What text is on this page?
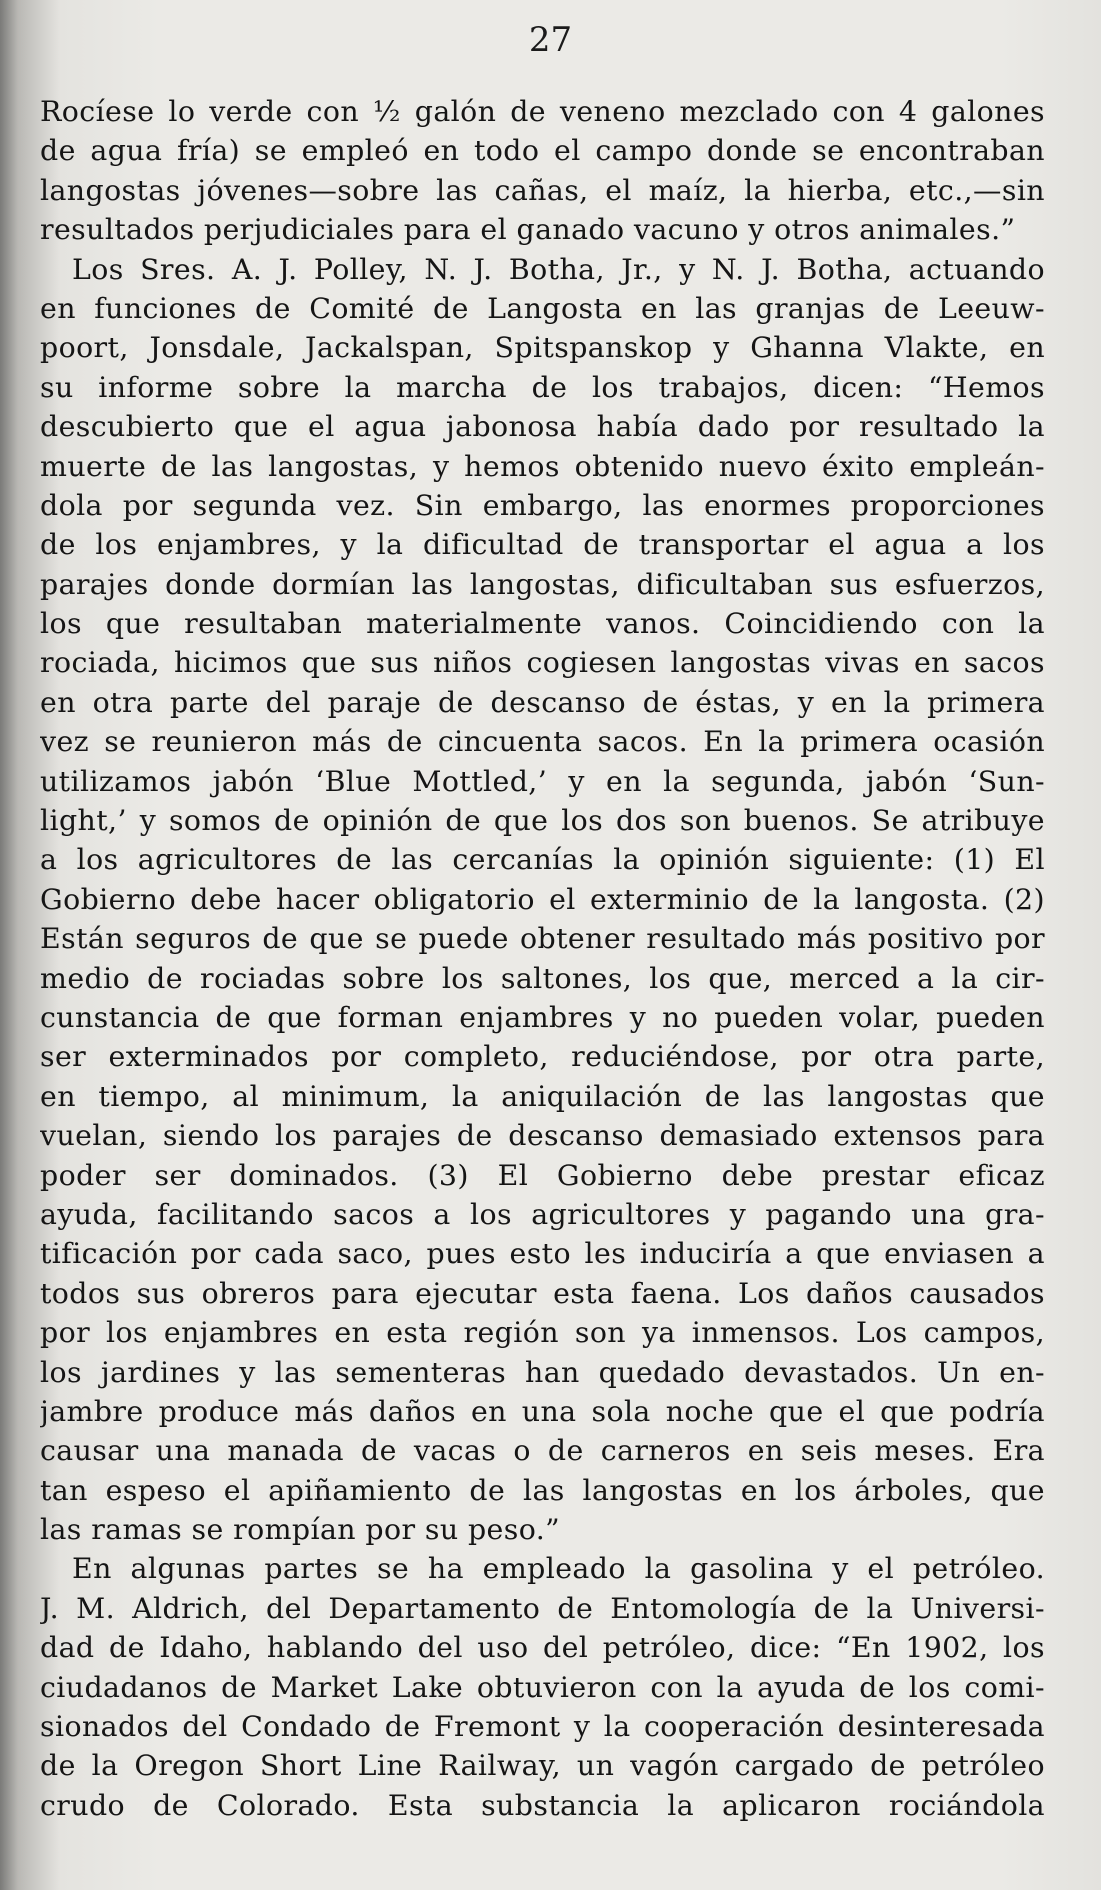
27
Rocíese lo verde con ½ galón de veneno mezclado con 4 galones
de agua fría) se empleó en todo el campo donde se encontraban
langostas jóvenes—sobre las cañas, el maíz, la hierba, etc.,—sin
resultados perjudiciales para el ganado vacuno y otros animales.”
Los Sres. A. J. Polley, N. J. Botha, Jr., y N. J. Botha, actuando
en funciones de Comité de Langosta en las granjas de Leeuw-
poort, Jonsdale, Jackalspan, Spitspanskop y Ghanna Vlakte, en
su informe sobre la marcha de los trabajos, dicen: “Hemos
descubierto que el agua jabonosa había dado por resultado la
muerte de las langostas, y hemos obtenido nuevo éxito empleán-
dola por segunda vez. Sin embargo, las enormes proporciones
de los enjambres, y la dificultad de transportar el agua a los
parajes donde dormían las langostas, dificultaban sus esfuerzos,
los que resultaban materialmente vanos. Coincidiendo con la
rociada, hicimos que sus niños cogiesen langostas vivas en sacos
en otra parte del paraje de descanso de éstas, y en la primera
vez se reunieron más de cincuenta sacos. En la primera ocasión
utilizamos jabón ‘Blue Mottled,’ y en la segunda, jabón ‘Sun-
light,’ y somos de opinión de que los dos son buenos. Se atribuye
a los agricultores de las cercanías la opinión siguiente: (1) El
Gobierno debe hacer obligatorio el exterminio de la langosta. (2)
Están seguros de que se puede obtener resultado más positivo por
medio de rociadas sobre los saltones, los que, merced a la cir-
cunstancia de que forman enjambres y no pueden volar, pueden
ser exterminados por completo, reduciéndose, por otra parte,
en tiempo, al minimum, la aniquilación de las langostas que
vuelan, siendo los parajes de descanso demasiado extensos para
poder ser dominados. (3) El Gobierno debe prestar eficaz
ayuda, facilitando sacos a los agricultores y pagando una gra-
tificación por cada saco, pues esto les induciría a que enviasen a
todos sus obreros para ejecutar esta faena. Los daños causados
por los enjambres en esta región son ya inmensos. Los campos,
los jardines y las sementeras han quedado devastados. Un en-
jambre produce más daños en una sola noche que el que podría
causar una manada de vacas o de carneros en seis meses. Era
tan espeso el apiñamiento de las langostas en los árboles, que
las ramas se rompían por su peso.”
En algunas partes se ha empleado la gasolina y el petróleo.
J. M. Aldrich, del Departamento de Entomología de la Universi-
dad de Idaho, hablando del uso del petróleo, dice: “En 1902, los
ciudadanos de Market Lake obtuvieron con la ayuda de los comi-
sionados del Condado de Fremont y la cooperación desinteresada
de la Oregon Short Line Railway, un vagón cargado de petróleo
crudo de Colorado. Esta substancia la aplicaron rociándola
